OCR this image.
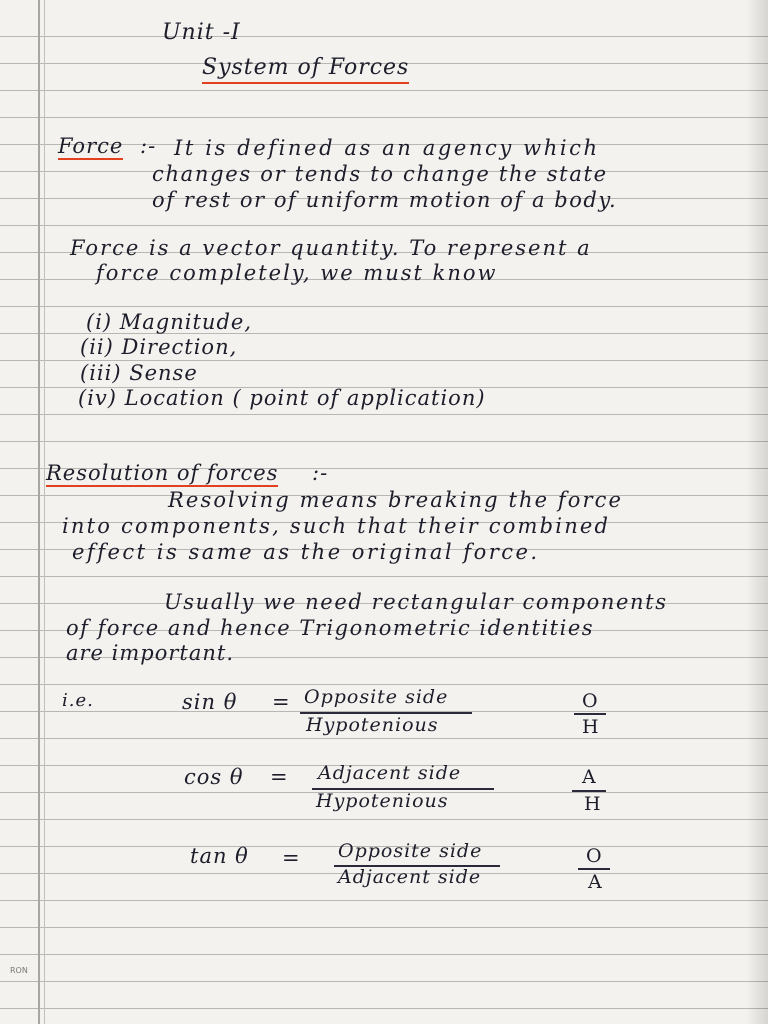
Unit -I
System of Forces
Force :- It is defined as an agency which
changes or tends to change the state
of rest or of uniform motion of a body.
Force is a vector quantity. To represent a
force completely, we must know
(i) Magnitude,
(ii) Direction,
(iii) Sense
(iv) Location ( point of application)
Resolution of forces :-
Resolving means breaking the force
into components, such that their combined
effect is same as the original force.
Usually we need rectangular components
of force and hence Trigonometric identities
are important.
i.e.	sin θ = Opposite side
Hypotenious
O
H
cos θ = Adjacent side
Hypotenious
A
H
tan θ = Opposite side
Adjacent side
O
A
RON
